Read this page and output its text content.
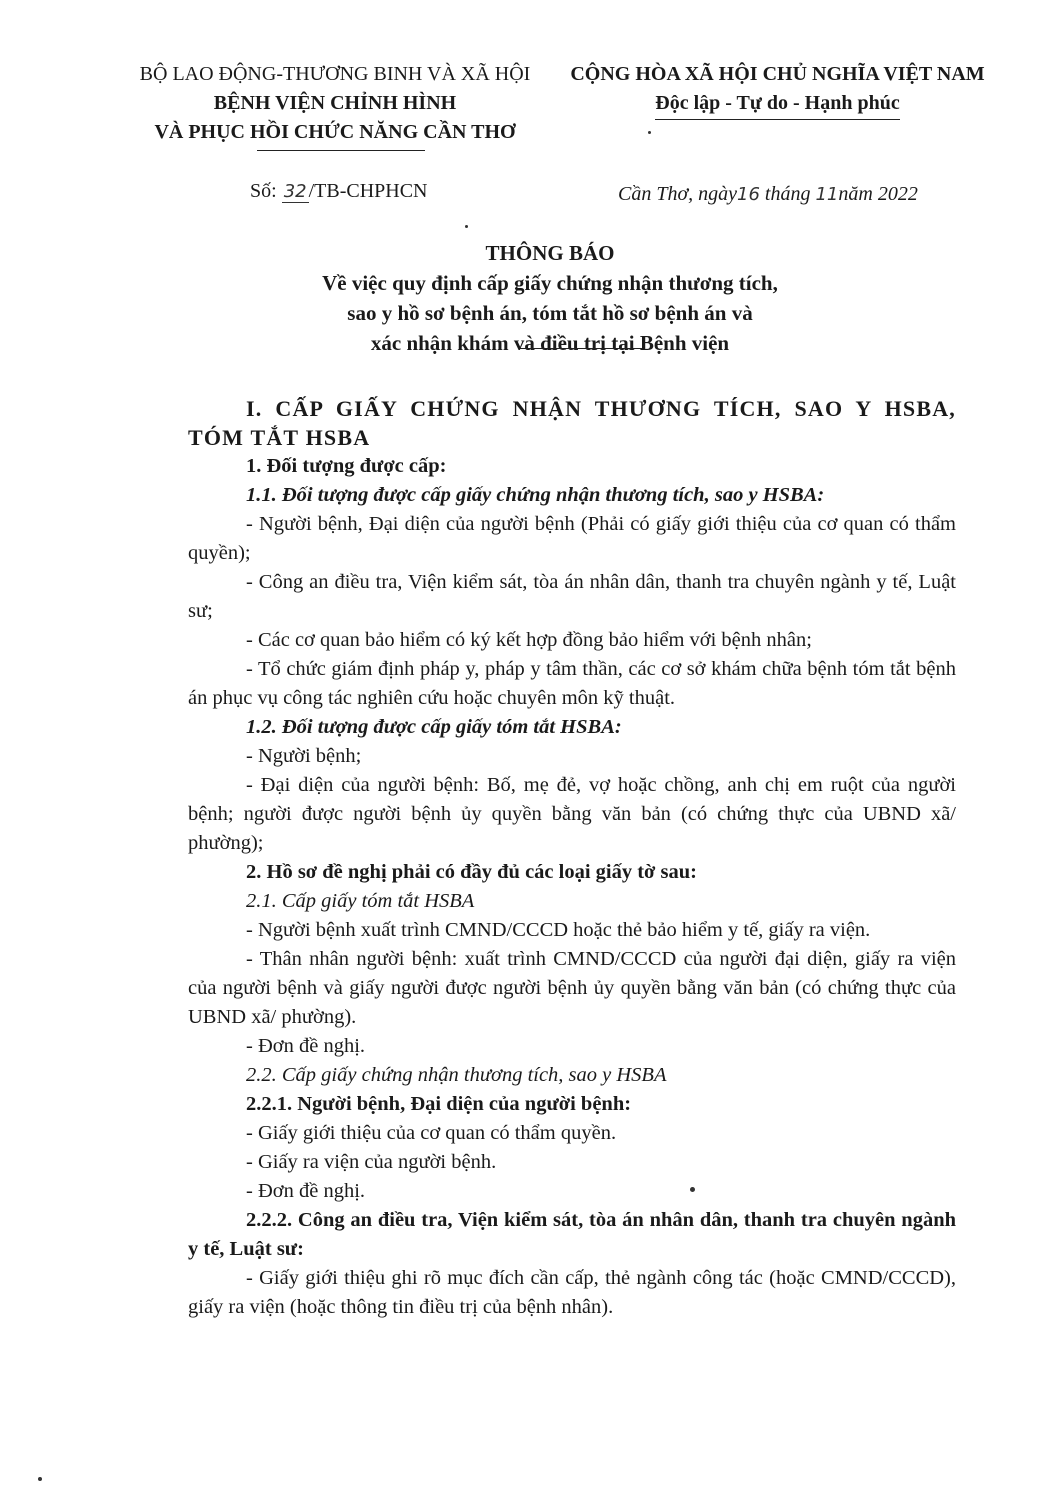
BỘ LAO ĐỘNG-THƯƠNG BINH VÀ XÃ HỘI
BỆNH VIỆN CHỈNH HÌNH
VÀ PHỤC HỒI CHỨC NĂNG CẦN THƠ
CỘNG HÒA XÃ HỘI CHỦ NGHĨA VIỆT NAM
Độc lập - Tự do - Hạnh phúc
Số: 32 /TB-CHPHCN	Cần Thơ, ngày16 tháng 11năm 2022
THÔNG BÁO
Về việc quy định cấp giấy chứng nhận thương tích,
sao y hồ sơ bệnh án, tóm tắt hồ sơ bệnh án và
xác nhận khám và điều trị tại Bệnh viện

I. CẤP GIẤY CHỨNG NHẬN THƯƠNG TÍCH, SAO Y HSBA, TÓM TẮT HSBA

1. Đối tượng được cấp:

1.1. Đối tượng được cấp giấy chứng nhận thương tích, sao y HSBA:

- Người bệnh, Đại diện của người bệnh (Phải có giấy giới thiệu của cơ quan có thẩm quyền);

- Công an điều tra, Viện kiểm sát, tòa án nhân dân, thanh tra chuyên ngành y tế, Luật sư;

- Các cơ quan bảo hiểm có ký kết hợp đồng bảo hiểm với bệnh nhân;

- Tổ chức giám định pháp y, pháp y tâm thần, các cơ sở khám chữa bệnh tóm tắt bệnh án phục vụ công tác nghiên cứu hoặc chuyên môn kỹ thuật.

1.2. Đối tượng được cấp giấy tóm tắt HSBA:

- Người bệnh;

- Đại diện của người bệnh: Bố, mẹ đẻ, vợ hoặc chồng, anh chị em ruột của người bệnh; người được người bệnh ủy quyền bằng văn bản (có chứng thực của UBND xã/ phường);

2. Hồ sơ đề nghị phải có đầy đủ các loại giấy tờ sau:

2.1. Cấp giấy tóm tắt HSBA

- Người bệnh xuất trình CMND/CCCD hoặc thẻ bảo hiểm y tế, giấy ra viện.

- Thân nhân người bệnh: xuất trình CMND/CCCD của người đại diện, giấy ra viện của người bệnh và giấy người được người bệnh ủy quyền bằng văn bản (có chứng thực của UBND xã/ phường).

- Đơn đề nghị.

2.2. Cấp giấy chứng nhận thương tích, sao y HSBA

2.2.1. Người bệnh, Đại diện của người bệnh:

- Giấy giới thiệu của cơ quan có thẩm quyền.

- Giấy ra viện của người bệnh.

- Đơn đề nghị.

2.2.2. Công an điều tra, Viện kiểm sát, tòa án nhân dân, thanh tra chuyên ngành y tế, Luật sư:

- Giấy giới thiệu ghi rõ mục đích cần cấp, thẻ ngành công tác (hoặc CMND/CCCD), giấy ra viện (hoặc thông tin điều trị của bệnh nhân).
